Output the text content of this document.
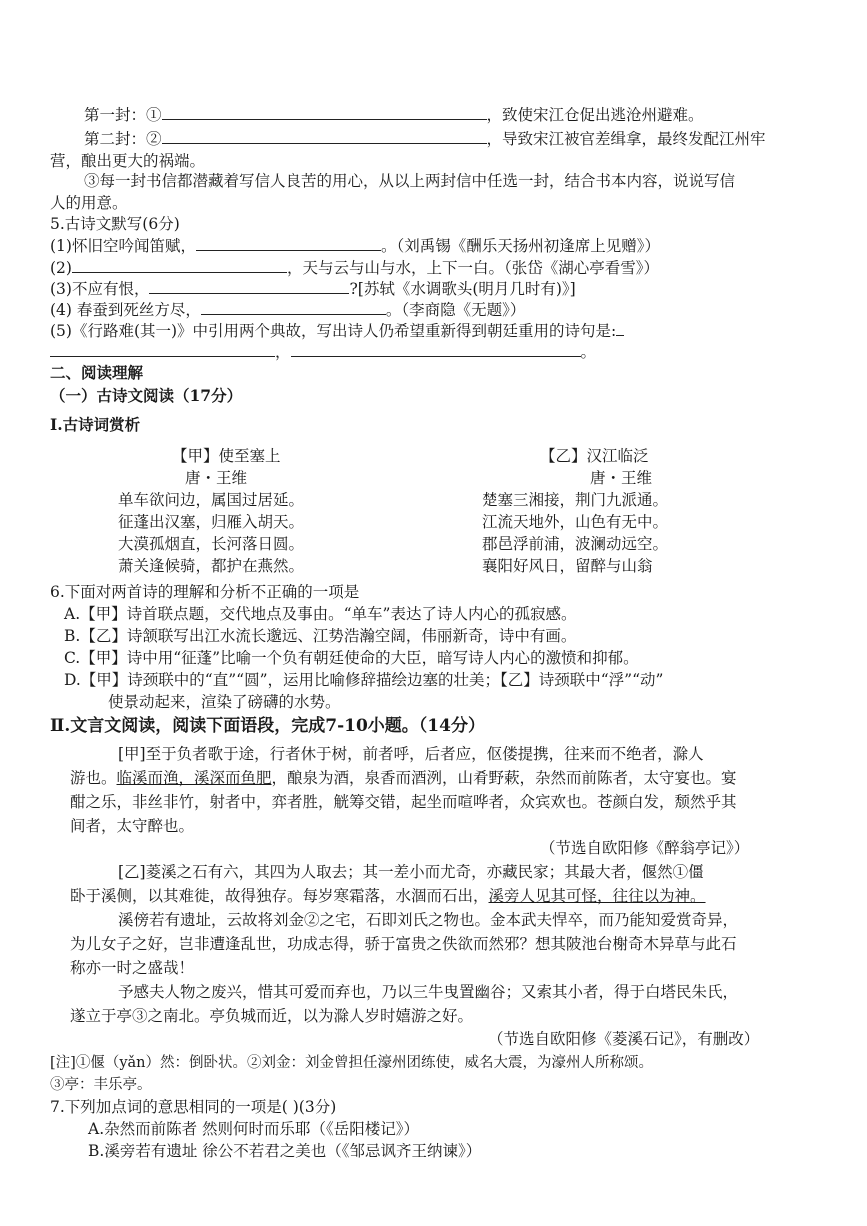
第一封：①	，致使宋江仓促出逃沧州避难。
第二封：②	，导致宋江被官差缉拿，最终发配江州牢
营，酿出更大的祸端。
③每一封书信都潜藏着写信人良苦的用心，从以上两封信中任选一封，结合书本内容，说说写信
人的用意。
5.古诗文默写(6分)
(1)怀旧空吟闻笛赋，	。（刘禹锡《酬乐天扬州初逢席上见赠》）
(2)	，天与云与山与水，上下一白。（张岱《湖心亭看雪》）
(3)不应有恨，	?[苏轼《水调歌头(明月几时有)》]
(4) 春蚕到死丝方尽，	。（李商隐《无题》）
(5)《行路难(其一)》中引用两个典故，写出诗人仍希望重新得到朝廷重用的诗句是:
，	。
二、阅读理解
（一）古诗文阅读（17分）
Ⅰ.古诗词赏析
【甲】使至塞上
唐・王维
单车欲问边，属国过居延。
征蓬出汉塞，归雁入胡天。
大漠孤烟直，长河落日圆。
萧关逢候骑，都护在燕然。
【乙】汉江临泛
唐・王维
楚塞三湘接，荆门九派通。
江流天地外，山色有无中。
郡邑浮前浦，波澜动远空。
襄阳好风日，留醉与山翁
6.下面对两首诗的理解和分析不正确的一项是
A.【甲】诗首联点题，交代地点及事由。“单车”表达了诗人内心的孤寂感。
B.【乙】诗颔联写出江水流长邈远、江势浩瀚空阔，伟丽新奇，诗中有画。
C.【甲】诗中用“征蓬”比喻一个负有朝廷使命的大臣，暗写诗人内心的激愤和抑郁。
D.【甲】诗颈联中的“直”“圆”，运用比喻修辞描绘边塞的壮美；【乙】诗颈联中“浮”“动”
使景动起来，渲染了磅礴的水势。
Ⅱ.文言文阅读，阅读下面语段，完成7-10小题。（14分）
[甲]至于负者歌于途，行者休于树，前者呼，后者应，伛偻提携，往来而不绝者，滁人
游也。临溪而渔，溪深而鱼肥，酿泉为酒，泉香而酒洌，山肴野蔌，杂然而前陈者，太守宴也。宴
酣之乐，非丝非竹，射者中，弈者胜，觥筹交错，起坐而喧哗者，众宾欢也。苍颜白发，颓然乎其
间者，太守醉也。
（节选自欧阳修《醉翁亭记》）
[乙]菱溪之石有六，其四为人取去；其一差小而尤奇，亦藏民家；其最大者，偃然①僵
卧于溪侧，以其难徙，故得独存。每岁寒霜落，水涸而石出，溪旁人见其可怪，往往以为神。
溪傍若有遗址，云故将刘金②之宅，石即刘氏之物也。金本武夫悍卒，而乃能知爱赏奇异，
为儿女子之好，岂非遭逢乱世，功成志得，骄于富贵之佚欲而然邪？想其陂池台榭奇木异草与此石
称亦一时之盛哉！
予感夫人物之废兴，惜其可爱而弃也，乃以三牛曳置幽谷；又索其小者，得于白塔民朱氏，
遂立于亭③之南北。亭负城而近，以为滁人岁时嬉游之好。
（节选自欧阳修《菱溪石记》，有删改）
[注]①偃（yǎn）然：倒卧状。②刘金：刘金曾担任濠州团练使，威名大震，为濠州人所称颂。
③亭：丰乐亭。
7.下列加点词的意思相同的一项是( )(3分)
A.杂然而前陈者 然则何时而乐耶（《岳阳楼记》）
B.溪旁若有遗址 徐公不若君之美也（《邹忌讽齐王纳谏》）
